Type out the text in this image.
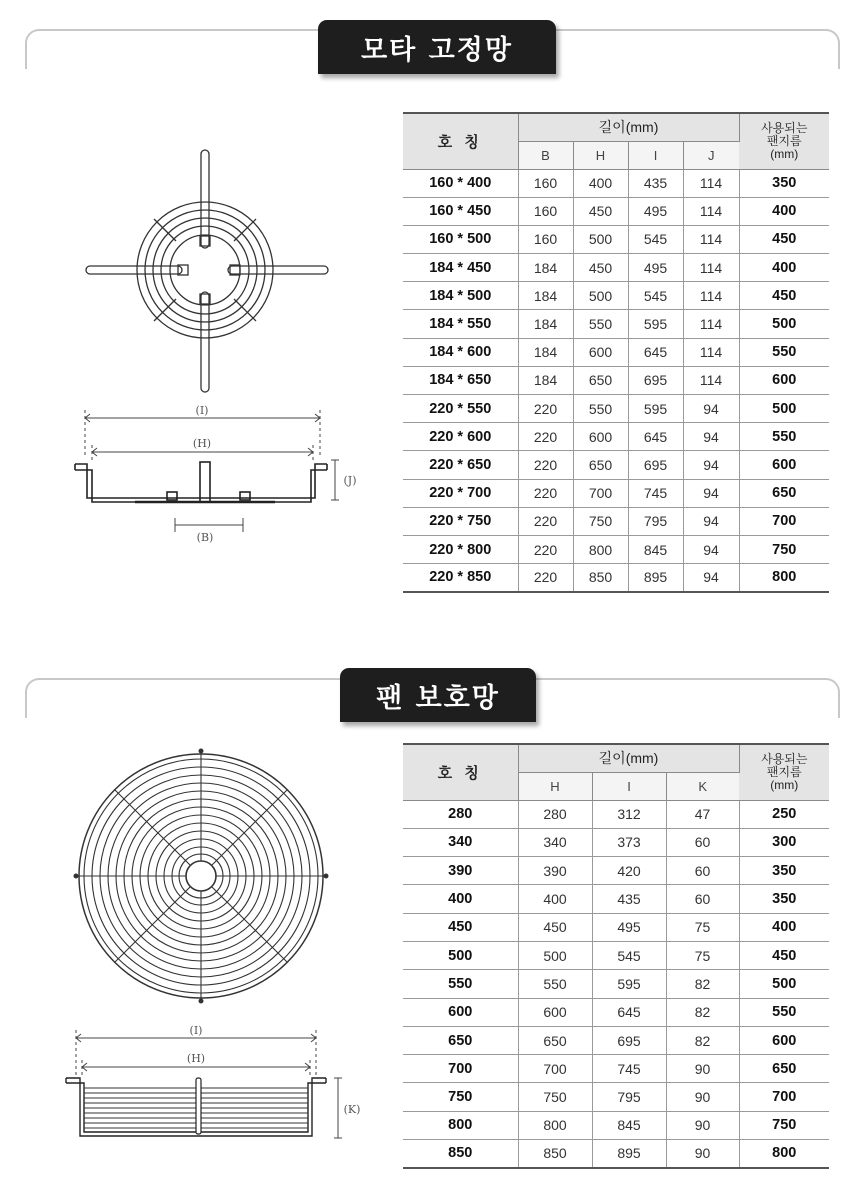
모타 고정망
(I)
(H)
(J)
(B)
호 칭	길이(mm)				사용되는
팬지름
(mm)

	B	H	I	J	
160 * 400	160	400	435	114	350
160 * 450	160	450	495	114	400
160 * 500	160	500	545	114	450
184 * 450	184	450	495	114	400
184 * 500	184	500	545	114	450
184 * 550	184	550	595	114	500
184 * 600	184	600	645	114	550
184 * 650	184	650	695	114	600
220 * 550	220	550	595	94	500
220 * 600	220	600	645	94	550
220 * 650	220	650	695	94	600
220 * 700	220	700	745	94	650
220 * 750	220	750	795	94	700
220 * 800	220	800	845	94	750
220 * 850	220	850	895	94	800
팬 보호망
(I)
(H)
(K)
호 칭	길이(mm)			사용되는
팬지름
(mm)

	H	I	K	
280	280	312	47	250
340	340	373	60	300
390	390	420	60	350
400	400	435	60	350
450	450	495	75	400
500	500	545	75	450
550	550	595	82	500
600	600	645	82	550
650	650	695	82	600
700	700	745	90	650
750	750	795	90	700
800	800	845	90	750
850	850	895	90	800
